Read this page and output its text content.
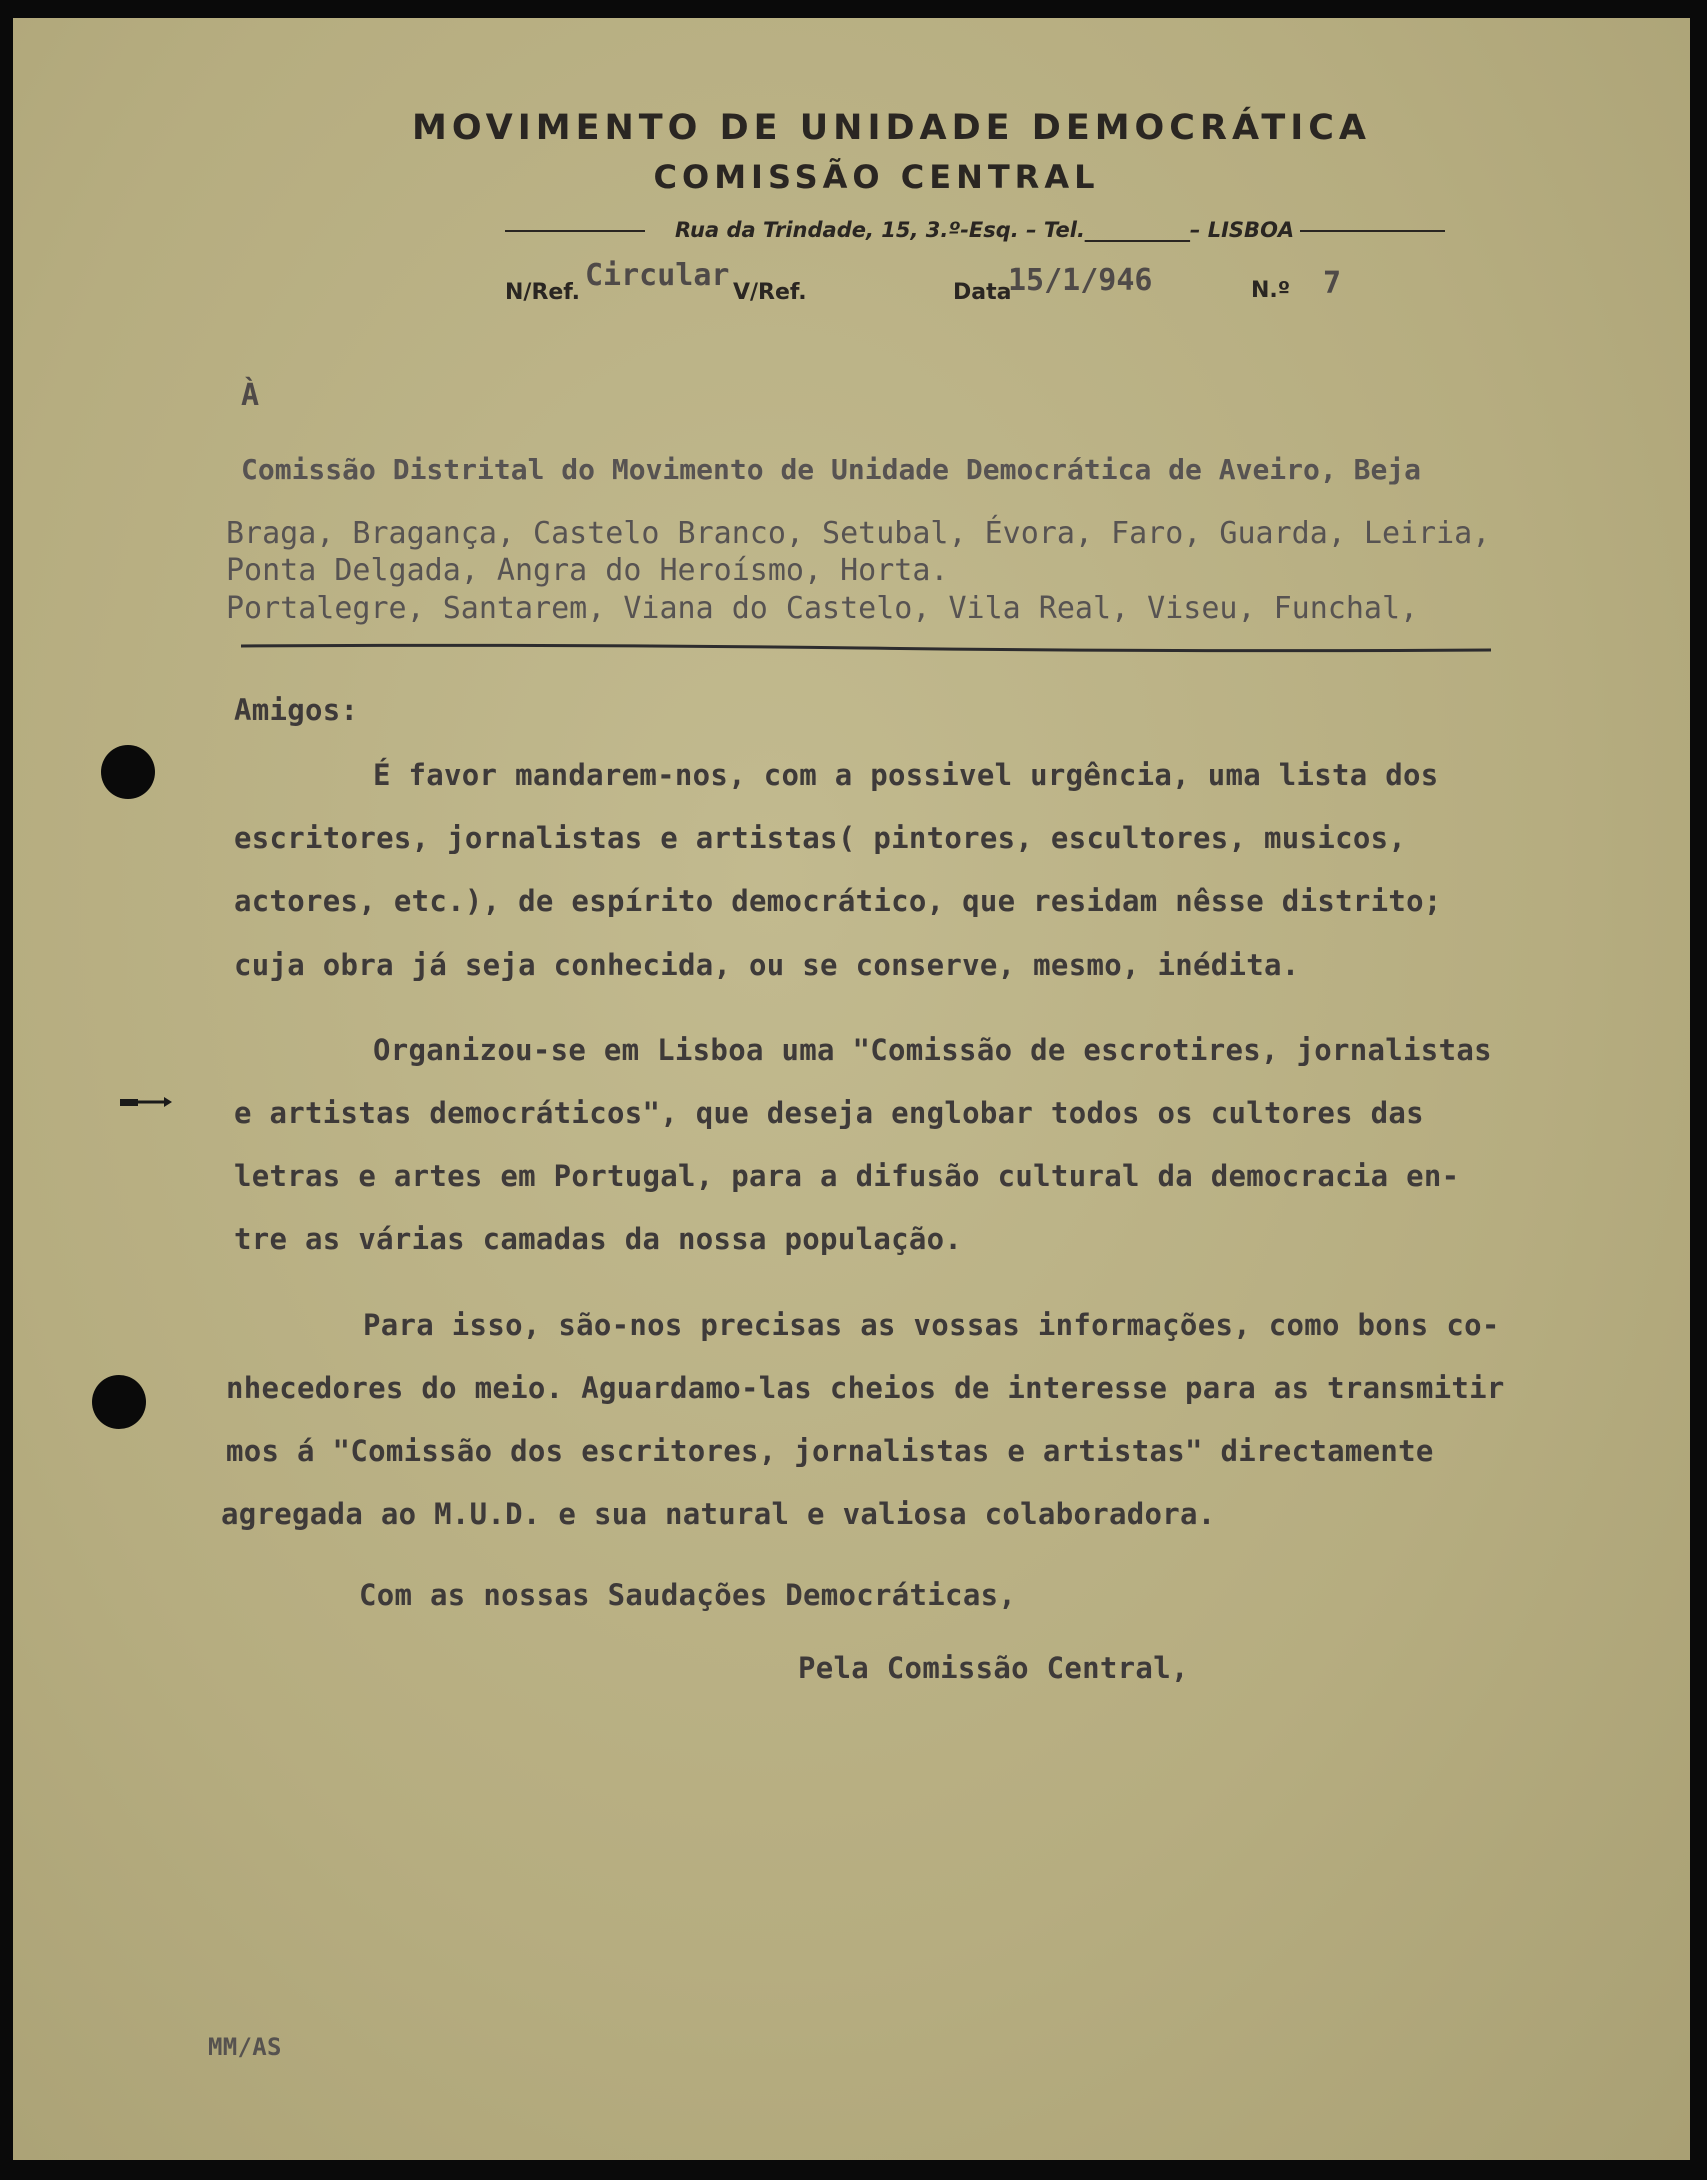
MOVIMENTO DE UNIDADE DEMOCRÁTICA
COMISSÃO CENTRAL
Rua da Trindade, 15, 3.º-Esq. – Tel.__________– LISBOA
N/Ref. Circular V/Ref.	Data
15/1/946	N.º 7
À
Comissão Distrital do Movimento de Unidade Democrática de Aveiro, Beja
Braga, Bragança, Castelo Branco, Setubal, Évora, Faro, Guarda, Leiria,
Ponta Delgada, Angra do Heroísmo, Horta.
Portalegre, Santarem, Viana do Castelo, Vila Real, Viseu, Funchal,
Amigos:
É favor mandarem-nos, com a possivel urgência, uma lista dos
escritores, jornalistas e artistas( pintores, escultores, musicos,
actores, etc.), de espírito democrático, que residam nêsse distrito;
cuja obra já seja conhecida, ou se conserve, mesmo, inédita.
Organizou-se em Lisboa uma "Comissão de escrotires, jornalistas
e artistas democráticos", que deseja englobar todos os cultores das
letras e artes em Portugal, para a difusão cultural da democracia en-
tre as várias camadas da nossa população.
Para isso, são-nos precisas as vossas informações, como bons co-
nhecedores do meio. Aguardamo-las cheios de interesse para as transmitir
mos á "Comissão dos escritores, jornalistas e artistas" directamente
agregada ao M.U.D. e sua natural e valiosa colaboradora.
Com as nossas Saudações Democráticas,
Pela Comissão Central,
MM/AS
